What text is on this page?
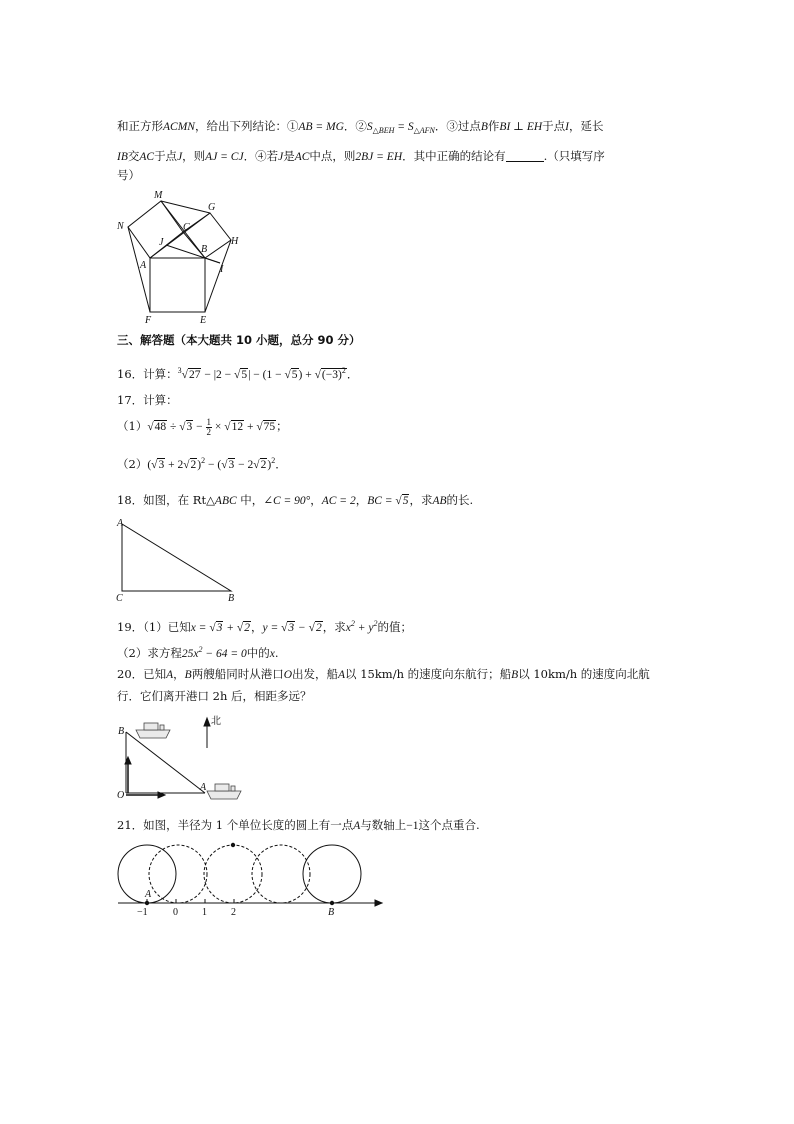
和正方形ACMN，给出下列结论：①AB = MG．$②S_{\triangle BEH} = S_{\triangle AFN}$．③过点B作BI ⊥ EH于点I，延长
IB交AC于点J，则AJ = CJ．④若J是AC中点，则2BJ = EH．其中正确的结论有	.（只填写序
号）
M
G
N	C
J
B
H
A	I
F	E
三、解答题（本大题共 10 小题，总分 90 分）
16．计算：$^3√27 - |2 - √5| - (1 - √5) + √(-3)^2$．
17．计算：
$(1)√48 \div √3 - \frac{1}{2} \times √12 + √75$；
$(2)(√3 + 2√2)^2 - (√3 - 2√2)^2$．
18．如图，在 Rt△ABC 中，∠C = 90°，AC = 2，BC = √5，求AB的长.
A
C	B
19．（1）已知x = √3 + √2，y = √3 − √2，求$x^2 + y^2$的值；
（2）求方程$25x^2 - 64 = 0$中的x.
20．已知A，B两艘船同时从港口O出发，船A以 15km/h 的速度向东航行；船B以 10km/h 的速度向北航
行．它们离开港口 2h 后，相距多远？
B
O
A
北
21．如图，半径为 1 个单位长度的圆上有一点A与数轴上−1这个点重合.
A
B
−1	0 1 2
